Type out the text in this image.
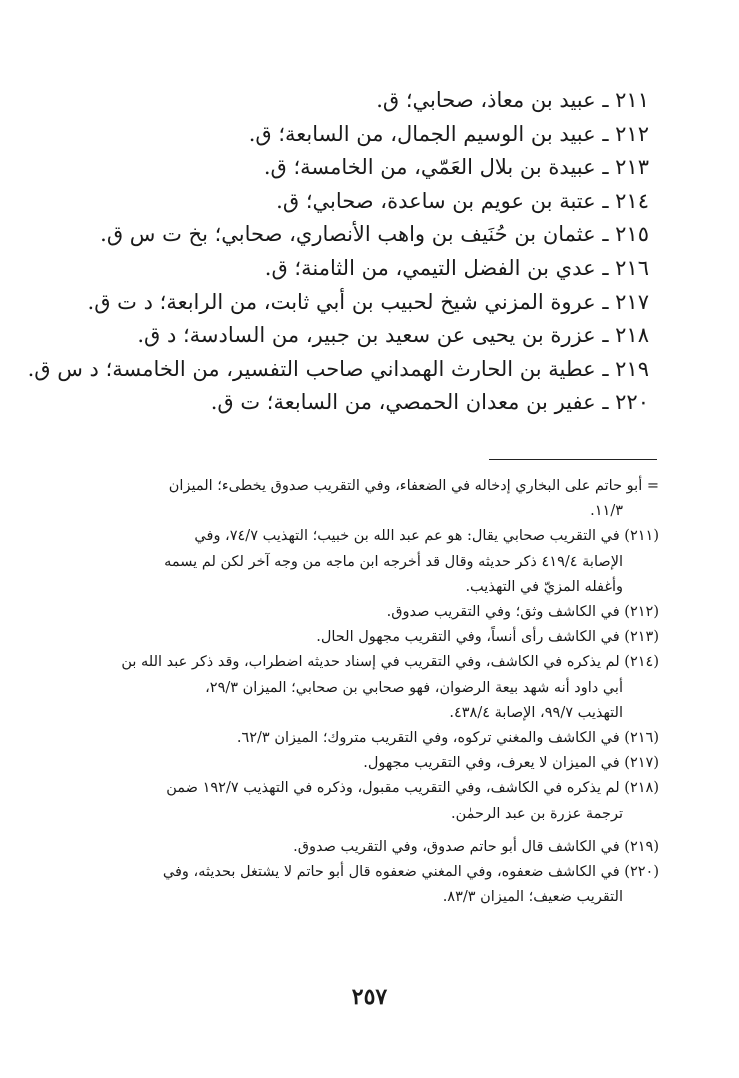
٢١١ ـ عبيد بن معاذ، صحابي؛ ق.
٢١٢ ـ عبيد بن الوسيم الجمال، من السابعة؛ ق.
٢١٣ ـ عبيدة بن بلال العَمّي، من الخامسة؛ ق.
٢١٤ ـ عتبة بن عويم بن ساعدة، صحابي؛ ق.
٢١٥ ـ عثمان بن حُنَيف بن واهب الأنصاري، صحابي؛ بخ ت س ق.
٢١٦ ـ عدي بن الفضل التيمي، من الثامنة؛ ق.
٢١٧ ـ عروة المزني شيخ لحبيب بن أبي ثابت، من الرابعة؛ د ت ق.
٢١٨ ـ عزرة بن يحيى عن سعيد بن جبير، من السادسة؛ د ق.
٢١٩ ـ عطية بن الحارث الهمداني صاحب التفسير، من الخامسة؛ د س ق.
٢٢٠ ـ عفير بن معدان الحمصي، من السابعة؛ ت ق.
= أبو حاتم على البخاري إدخاله في الضعفاء، وفي التقريب صدوق يخطىء؛ الميزان
١١/٣.
(٢١١) في التقريب صحابي يقال: هو عم عبد الله بن خبيب؛ التهذيب ٧٤/٧، وفي
الإصابة ٤١٩/٤ ذكر حديثه وقال قد أخرجه ابن ماجه من وجه آخر لكن لم يسمه
وأغفله المزيّ في التهذيب.
(٢١٢) في الكاشف وثق؛ وفي التقريب صدوق.
(٢١٣) في الكاشف رأى أنساً، وفي التقريب مجهول الحال.
(٢١٤) لم يذكره في الكاشف، وفي التقريب في إسناد حديثه اضطراب، وقد ذكر عبد الله بن
أبي داود أنه شهد بيعة الرضوان، فهو صحابي بن صحابي؛ الميزان ٢٩/٣،
التهذيب ٩٩/٧، الإصابة ٤٣٨/٤.
(٢١٦) في الكاشف والمغني تركوه، وفي التقريب متروك؛ الميزان ٦٢/٣.
(٢١٧) في الميزان لا يعرف، وفي التقريب مجهول.
(٢١٨) لم يذكره في الكاشف، وفي التقريب مقبول، وذكره في التهذيب ١٩٢/٧ ضمن
ترجمة عزرة بن عبد الرحمٰن.
(٢١٩) في الكاشف قال أبو حاتم صدوق، وفي التقريب صدوق.
(٢٢٠) في الكاشف ضعفوه، وفي المغني ضعفوه قال أبو حاتم لا يشتغل بحديثه، وفي
التقريب ضعيف؛ الميزان ٨٣/٣.
٢٥٧
